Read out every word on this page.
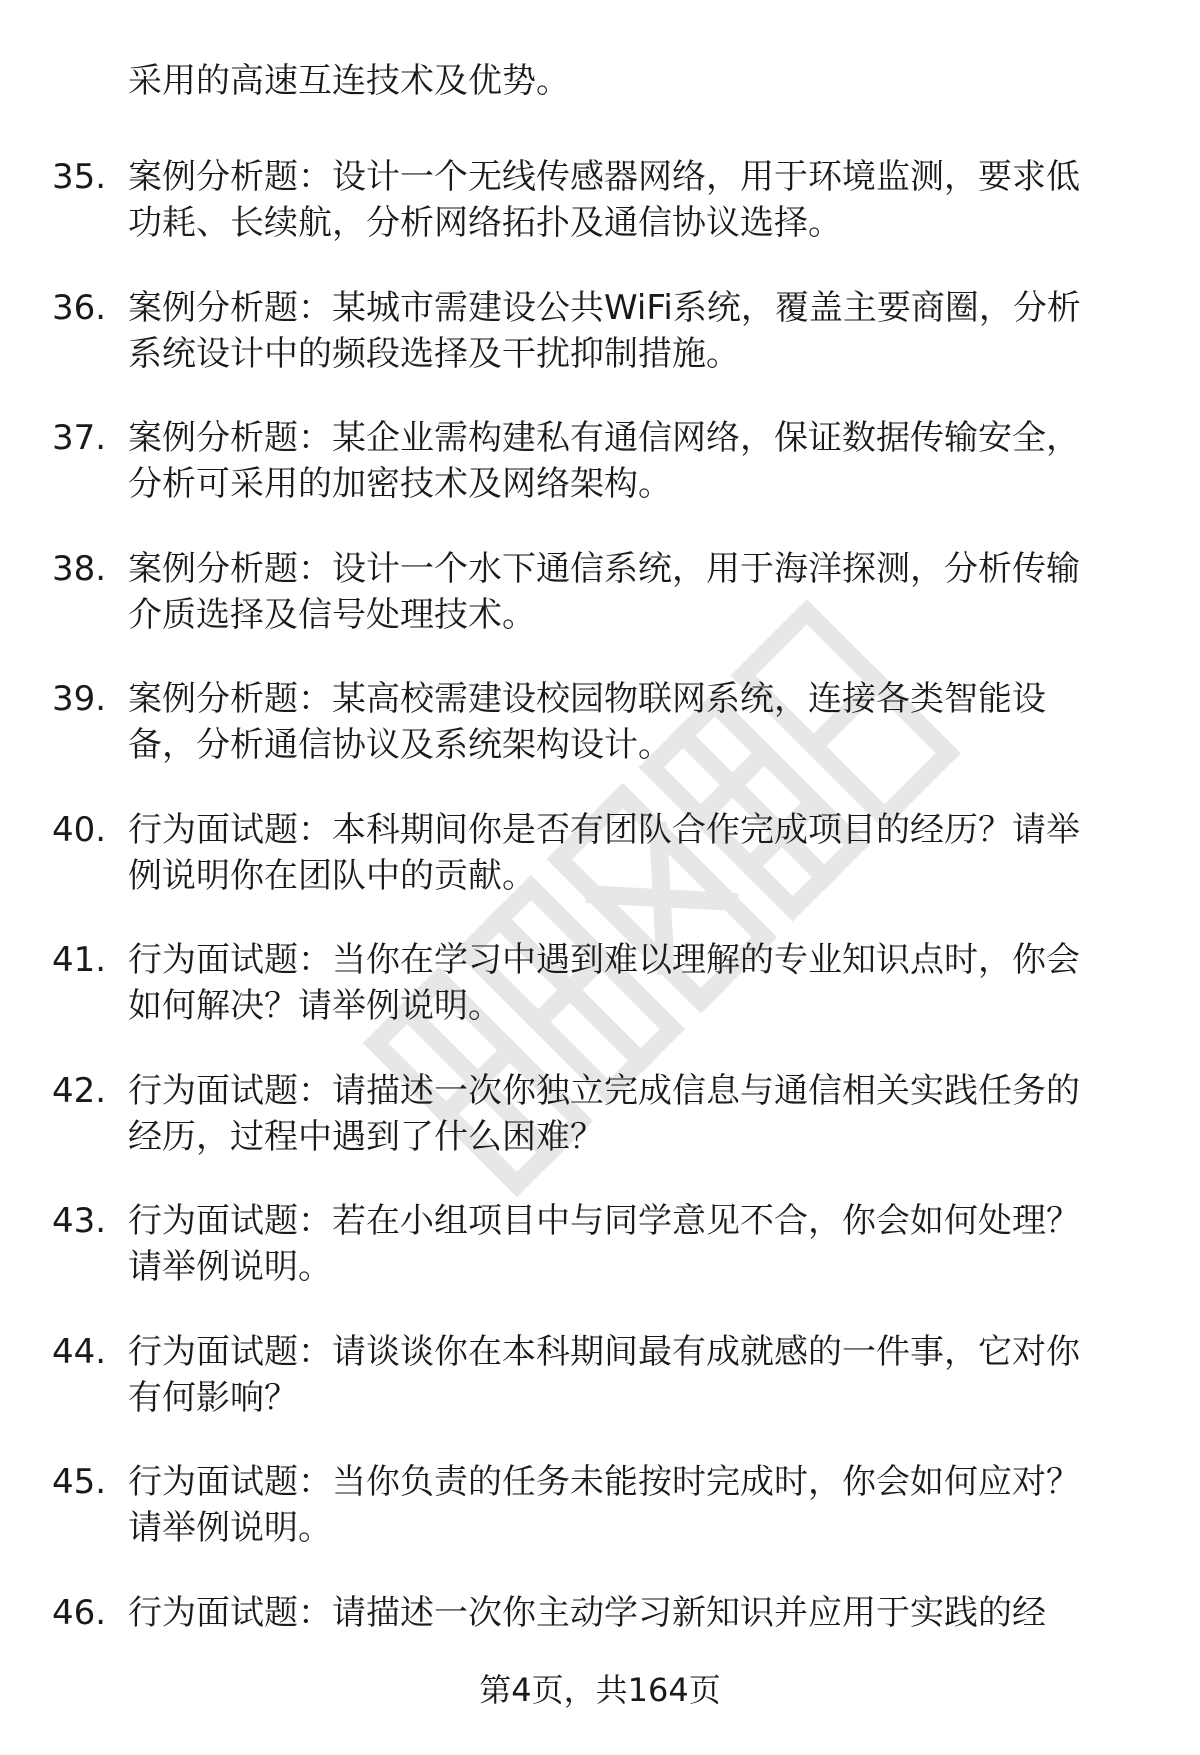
采用的高速互连技术及优势。
35. 案例分析题：设计一个无线传感器网络，用于环境监测，要求低
功耗、长续航，分析网络拓扑及通信协议选择。
36. 案例分析题：某城市需建设公共WiFi系统，覆盖主要商圈，分析
系统设计中的频段选择及干扰抑制措施。
37. 案例分析题：某企业需构建私有通信网络，保证数据传输安全，
分析可采用的加密技术及网络架构。
38. 案例分析题：设计一个水下通信系统，用于海洋探测，分析传输
介质选择及信号处理技术。
39. 案例分析题：某高校需建设校园物联网系统，连接各类智能设
备，分析通信协议及系统架构设计。
40. 行为面试题：本科期间你是否有团队合作完成项目的经历？请举
例说明你在团队中的贡献。
41. 行为面试题：当你在学习中遇到难以理解的专业知识点时，你会
如何解决？请举例说明。
42. 行为面试题：请描述一次你独立完成信息与通信相关实践任务的
经历，过程中遇到了什么困难？
43. 行为面试题：若在小组项目中与同学意见不合，你会如何处理？
请举例说明。
44. 行为面试题：请谈谈你在本科期间最有成就感的一件事，它对你
有何影响？
45. 行为面试题：当你负责的任务未能按时完成时，你会如何应对？
请举例说明。
46. 行为面试题：请描述一次你主动学习新知识并应用于实践的经
第4页，共164页
